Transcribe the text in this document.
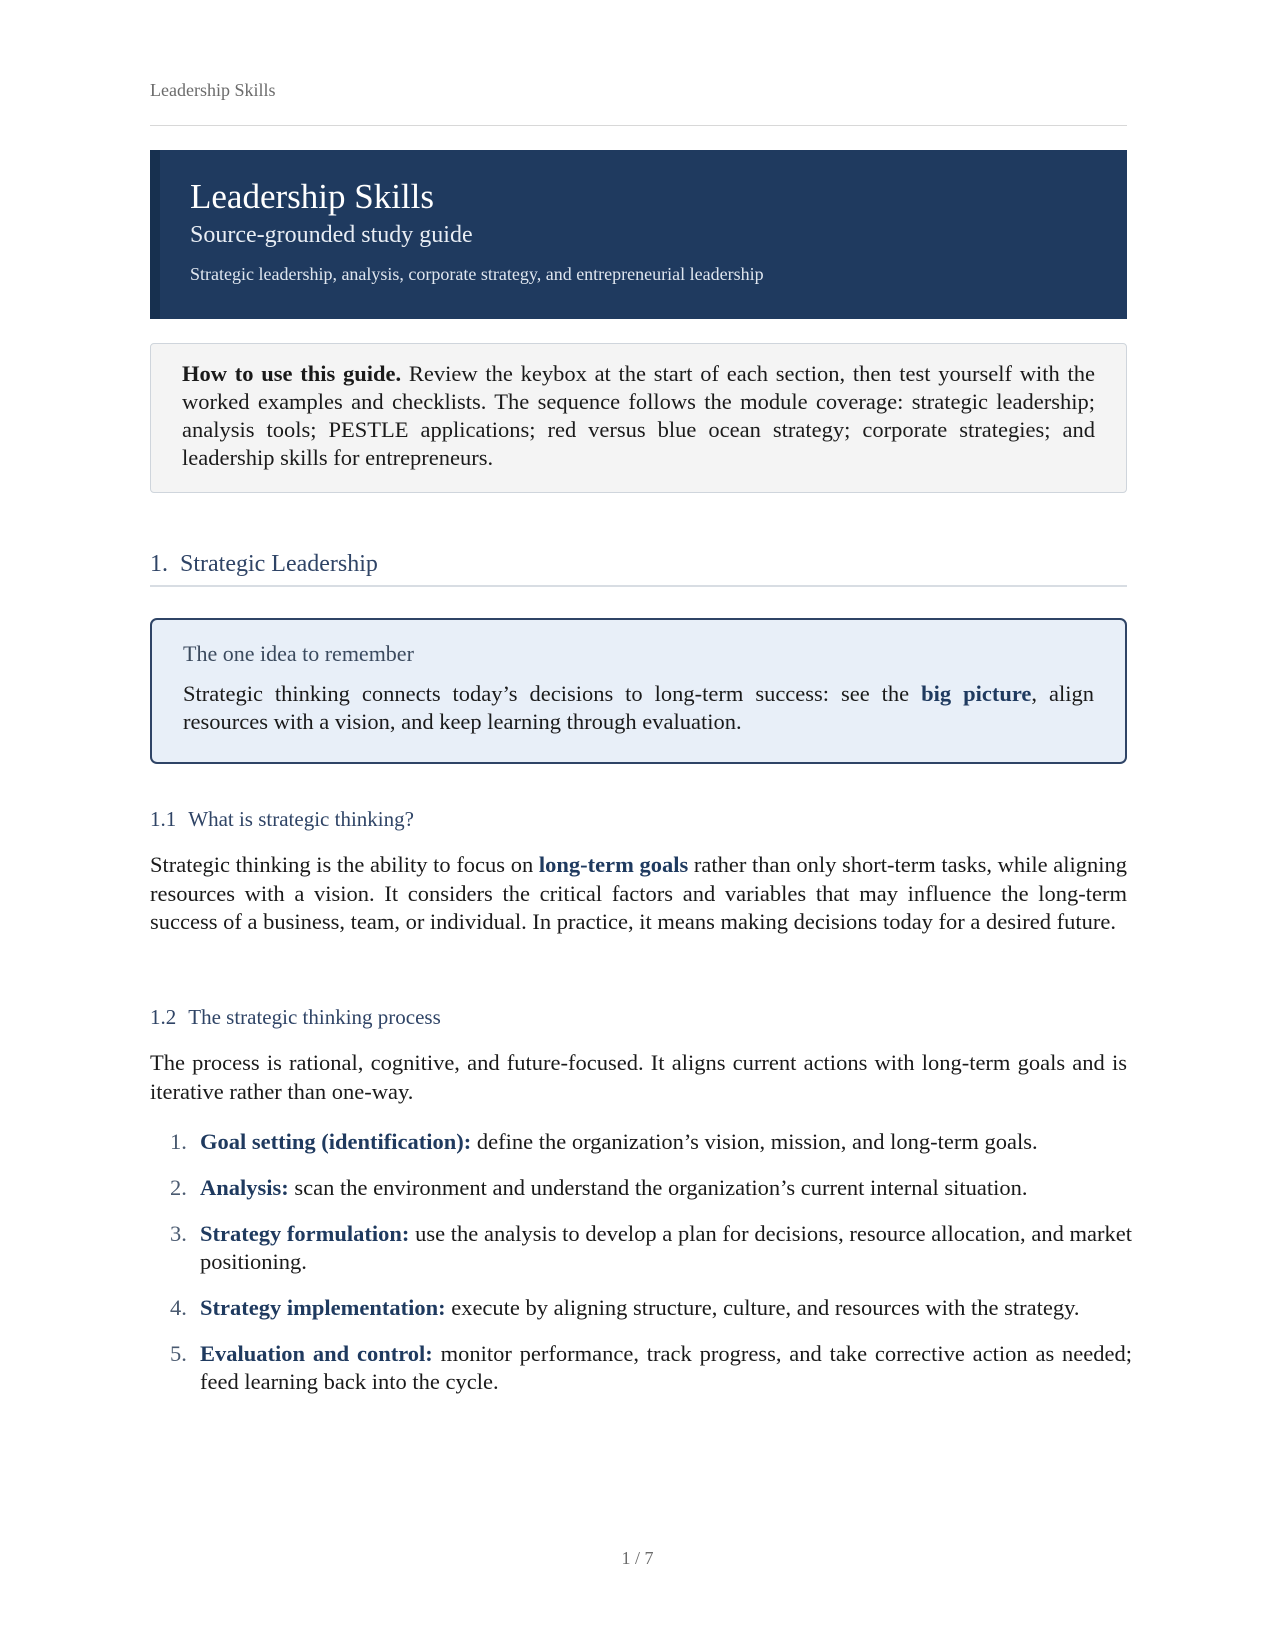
Leadership Skills
Leadership Skills
Source-grounded study guide
Strategic leadership, analysis, corporate strategy, and entrepreneurial leadership
How to use this guide. Review the keybox at the start of each section, then test yourself with the worked examples and checklists. The sequence follows the module coverage: strategic leadership; analysis tools; PESTLE applications; red versus blue ocean strategy; corporate strategies; and leadership skills for entrepreneurs.
1. Strategic Leadership
The one idea to remember
Strategic thinking connects today’s decisions to long-term success: see the big picture, align resources with a vision, and keep learning through evaluation.
1.1 What is strategic thinking?
Strategic thinking is the ability to focus on long-term goals rather than only short-term tasks, while aligning resources with a vision. It considers the critical factors and variables that may influence the long-term success of a business, team, or individual. In practice, it means making decisions today for a desired future.
1.2 The strategic thinking process
The process is rational, cognitive, and future-focused. It aligns current actions with long-term goals and is iterative rather than one-way.
1. Goal setting (identification): define the organization’s vision, mission, and long-term goals.
2. Analysis: scan the environment and understand the organization’s current internal situation.
3. Strategy formulation: use the analysis to develop a plan for decisions, resource allocation, and market positioning.
4. Strategy implementation: execute by aligning structure, culture, and resources with the strategy.
5. Evaluation and control: monitor performance, track progress, and take corrective action as needed; feed learning back into the cycle.
1 / 7
